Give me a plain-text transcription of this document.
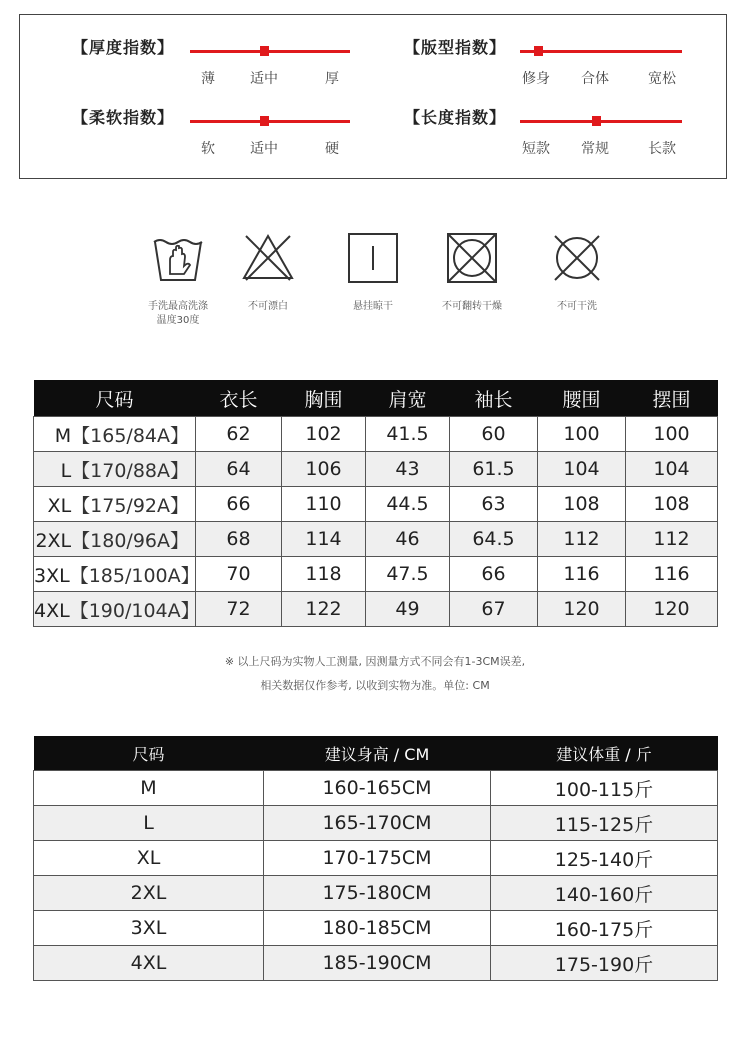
【厚度指数】
薄	适中	厚
【版型指数】
修身 合体	宽松
【柔软指数】
软	适中	硬
【长度指数】
短款 常规	长款
手洗最高洗涤温度30度
不可漂白	悬挂晾干	不可翻转干燥	不可干洗
尺码	衣长	胸围	肩宽	袖长	腰围	摆围
M【165/84A】	62	102	41.5	60	100	100
L【170/88A】	64	106	43	61.5	104	104
XL【175/92A】	66	110	44.5	63	108	108
2XL【180/96A】	68	114	46	64.5	112	112
3XL【185/100A】	70	118	47.5	66	116	116
4XL【190/104A】	72	122	49	67	120	120
※ 以上尺码为实物人工测量, 因测量方式不同会有1-3CM误差,
相关数据仅作参考, 以收到实物为准。单位: CM
尺码	建议身高 / CM	建议体重 / 斤
M	160-165CM	100-115斤
L	165-170CM	115-125斤
XL	170-175CM	125-140斤
2XL	175-180CM	140-160斤
3XL	180-185CM	160-175斤
4XL	185-190CM	175-190斤
